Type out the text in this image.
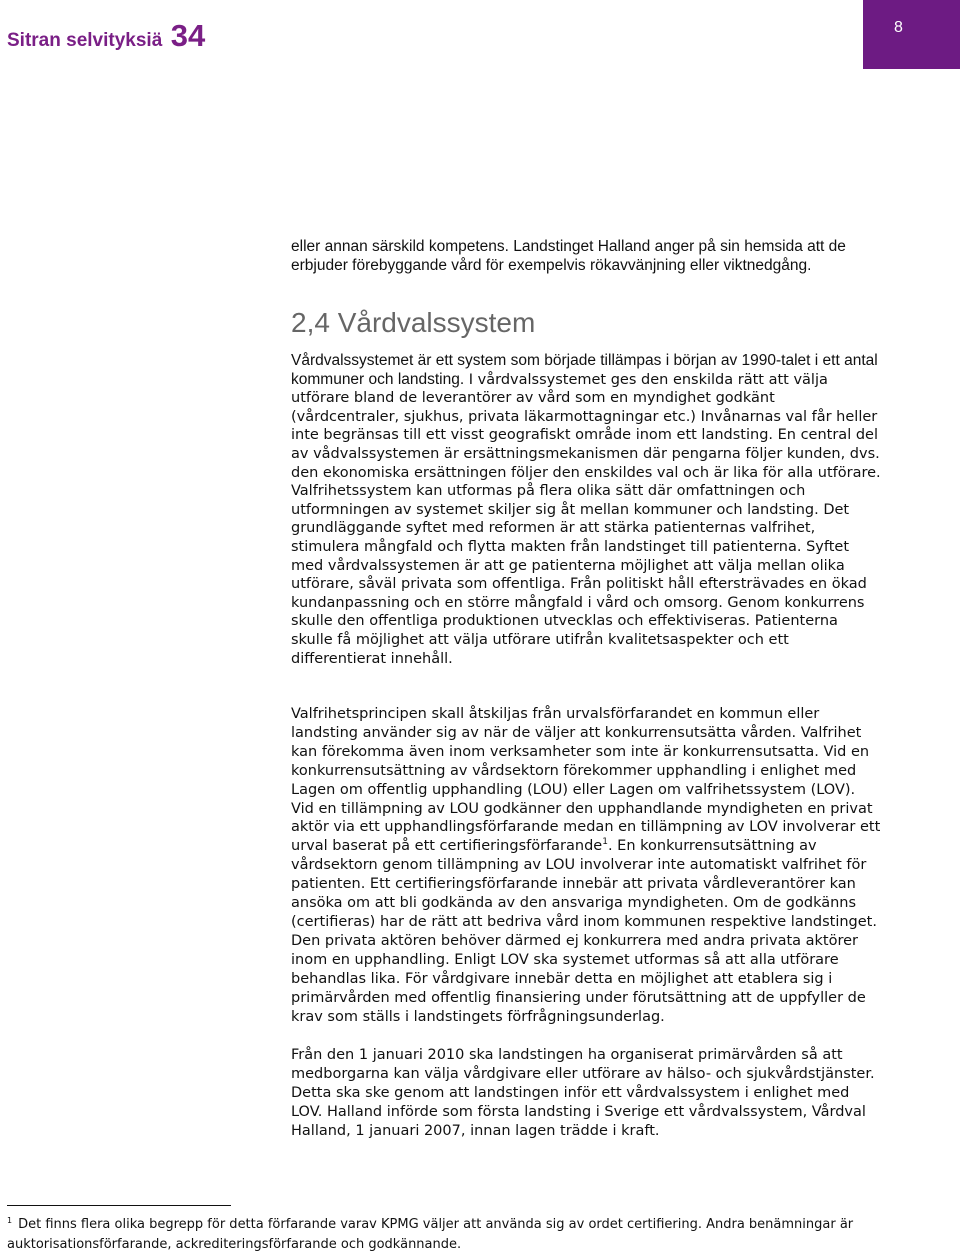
Sitran selvityksiä 34	8

eller annan särskild kompetens. Landstinget Halland anger på sin hemsida att de erbjuder förebyggande vård för exempelvis rökavvänjning eller viktnedgång.

2,4 Vårdvalssystem

Vårdvalssystemet är ett system som började tillämpas i början av 1990-talet i ett antal kommuner och landsting. I vårdvalssystemet ges den enskilda rätt att välja utförare bland de leverantörer av vård som en myndighet godkänt (vårdcentraler, sjukhus, privata läkarmottagningar etc.) Invånarnas val får heller inte begränsas till ett visst geografiskt område inom ett landsting. En central del av vådvalssystemen är ersättningsmekanismen där pengarna följer kunden, dvs. den ekonomiska ersättningen följer den enskildes val och är lika för alla utförare. Valfrihetssystem kan utformas på flera olika sätt där omfattningen och utformningen av systemet skiljer sig åt mellan kommuner och landsting. Det grundläggande syftet med reformen är att stärka patienternas valfrihet, stimulera mångfald och flytta makten från landstinget till patienterna. Syftet med vårdvalssystemen är att ge patienterna möjlighet att välja mellan olika utförare, såväl privata som offentliga. Från politiskt håll eftersträvades en ökad kundanpassning och en större mångfald i vård och omsorg. Genom konkurrens skulle den offentliga produktionen utvecklas och effektiviseras. Patienterna skulle få möjlighet att välja utförare utifrån kvalitetsaspekter och ett differentierat innehåll.

Valfrihetsprincipen skall åtskiljas från urvalsförfarandet en kommun eller landsting använder sig av när de väljer att konkurrensutsätta vården. Valfrihet kan förekomma även inom verksamheter som inte är konkurrensutsatta. Vid en konkurrensutsättning av vårdsektorn förekommer upphandling i enlighet med Lagen om offentlig upphandling (LOU) eller Lagen om valfrihetssystem (LOV). Vid en tillämpning av LOU godkänner den upphandlande myndigheten en privat aktör via ett upphandlingsförfarande medan en tillämpning av LOV involverar ett urval baserat på ett certifieringsförfarande$^1$. En konkurrensutsättning av vårdsektorn genom tillämpning av LOU involverar inte automatiskt valfrihet för patienten. Ett certifieringsförfarande innebär att privata vårdleverantörer kan ansöka om att bli godkända av den ansvariga myndigheten. Om de godkänns (certifieras) har de rätt att bedriva vård inom kommunen respektive landstinget. Den privata aktören behöver därmed ej konkurrera med andra privata aktörer inom en upphandling. Enligt LOV ska systemet utformas så att alla utförare behandlas lika. För vårdgivare innebär detta en möjlighet att etablera sig i primärvården med offentlig finansiering under förutsättning att de uppfyller de krav som ställs i landstingets förfrågningsunderlag.

Från den 1 januari 2010 ska landstingen ha organiserat primärvården så att medborgarna kan välja vårdgivare eller utförare av hälso- och sjukvårdstjänster. Detta ska ske genom att landstingen inför ett vårdvalssystem i enlighet med LOV. Halland införde som första landsting i Sverige ett vårdvalssystem, Vårdval Halland, 1 januari 2007, innan lagen trädde i kraft.

$^1$ Det finns flera olika begrepp för detta förfarande varav KPMG väljer att använda sig av ordet certifiering. Andra benämningar är auktorisationsförfarande, ackrediteringsförfarande och godkännande.
